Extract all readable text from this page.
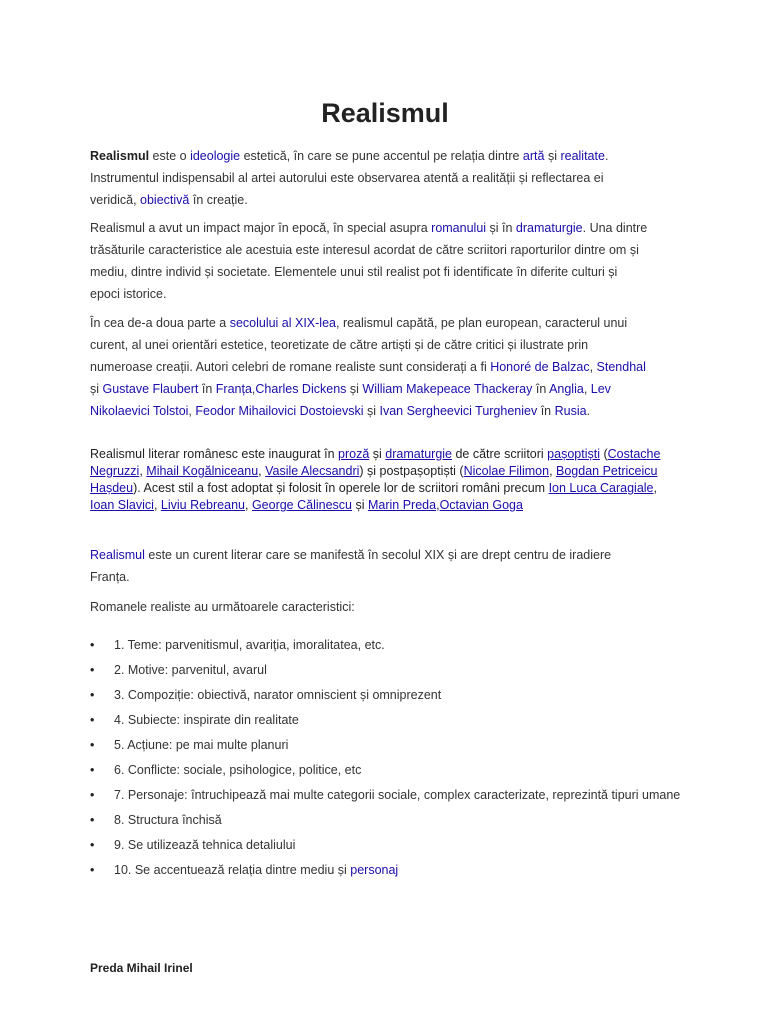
Realismul

Realismul este o ideologie estetică, în care se pune accentul pe relația dintre artă și realitate. Instrumentul indispensabil al artei autorului este observarea atentă a realității și reflectarea ei veridică, obiectivă în creație.

Realismul a avut un impact major în epocă, în special asupra romanului și în dramaturgie. Una dintre trăsăturile caracteristice ale acestuia este interesul acordat de către scriitori raporturilor dintre om și mediu, dintre individ și societate. Elementele unui stil realist pot fi identificate în diferite culturi și epoci istorice.

În cea de-a doua parte a secolului al XIX-lea, realismul capătă, pe plan european, caracterul unui curent, al unei orientări estetice, teoretizate de către artiști și de către critici și ilustrate prin numeroase creații. Autori celebri de romane realiste sunt considerați a fi Honoré de Balzac, Stendhal și Gustave Flaubert în Franța,Charles Dickens și William Makepeace Thackeray în Anglia, Lev Nikolaevici Tolstoi, Feodor Mihailovici Dostoievski și Ivan Sergheevici Turgheniev în Rusia.

Realismul literar românesc este inaugurat în proză și dramaturgie de către scriitori pașoptiști (Costache Negruzzi, Mihail Kogălniceanu, Vasile Alecsandri) și postpașoptiști (Nicolae Filimon, Bogdan Petriceicu Hașdeu). Acest stil a fost adoptat și folosit în operele lor de scriitori români precum Ion Luca Caragiale, Ioan Slavici, Liviu Rebreanu, George Călinescu și Marin Preda,Octavian Goga

Realismul este un curent literar care se manifestă în secolul XIX și are drept centru de iradiere Franța.

Romanele realiste au următoarele caracteristici:

• 1. Teme: parvenitismul, avariția, imoralitatea, etc.
• 2. Motive: parvenitul, avarul
• 3. Compoziție: obiectivă, narator omniscient și omniprezent
• 4. Subiecte: inspirate din realitate
• 5. Acțiune: pe mai multe planuri
• 6. Conflicte: sociale, psihologice, politice, etc
• 7. Personaje: întruchipează mai multe categorii sociale, complex caracterizate, reprezintă tipuri umane
• 8. Structura închisă
• 9. Se utilizează tehnica detaliului
• 10. Se accentuează relația dintre mediu și personaj
Preda Mihail Irinel
